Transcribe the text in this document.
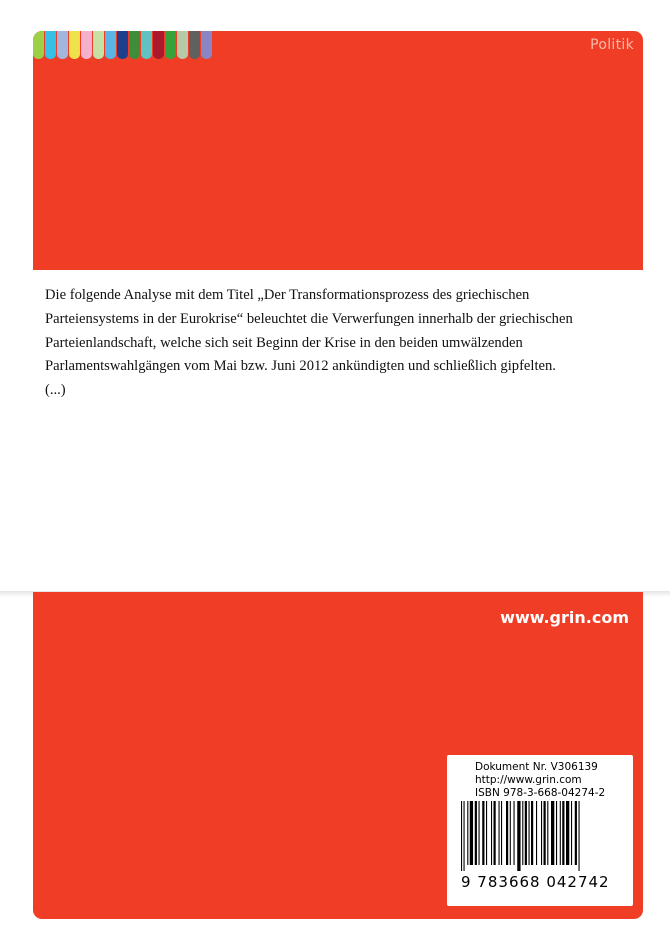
Politik

Die folgende Analyse mit dem Titel „Der Transformationsprozess des griechischen Parteiensystems in der Eurokrise“ beleuchtet die Verwerfungen innerhalb der griechischen Parteienlandschaft, welche sich seit Beginn der Krise in den beiden umwälzenden Parlamentswahlgängen vom Mai bzw. Juni 2012 ankündigten und schließlich gipfelten.

(...)

www.grin.com
Dokument Nr. V306139
http://www.grin.com
ISBN 978-3-668-04274-2
9 783668 042742
